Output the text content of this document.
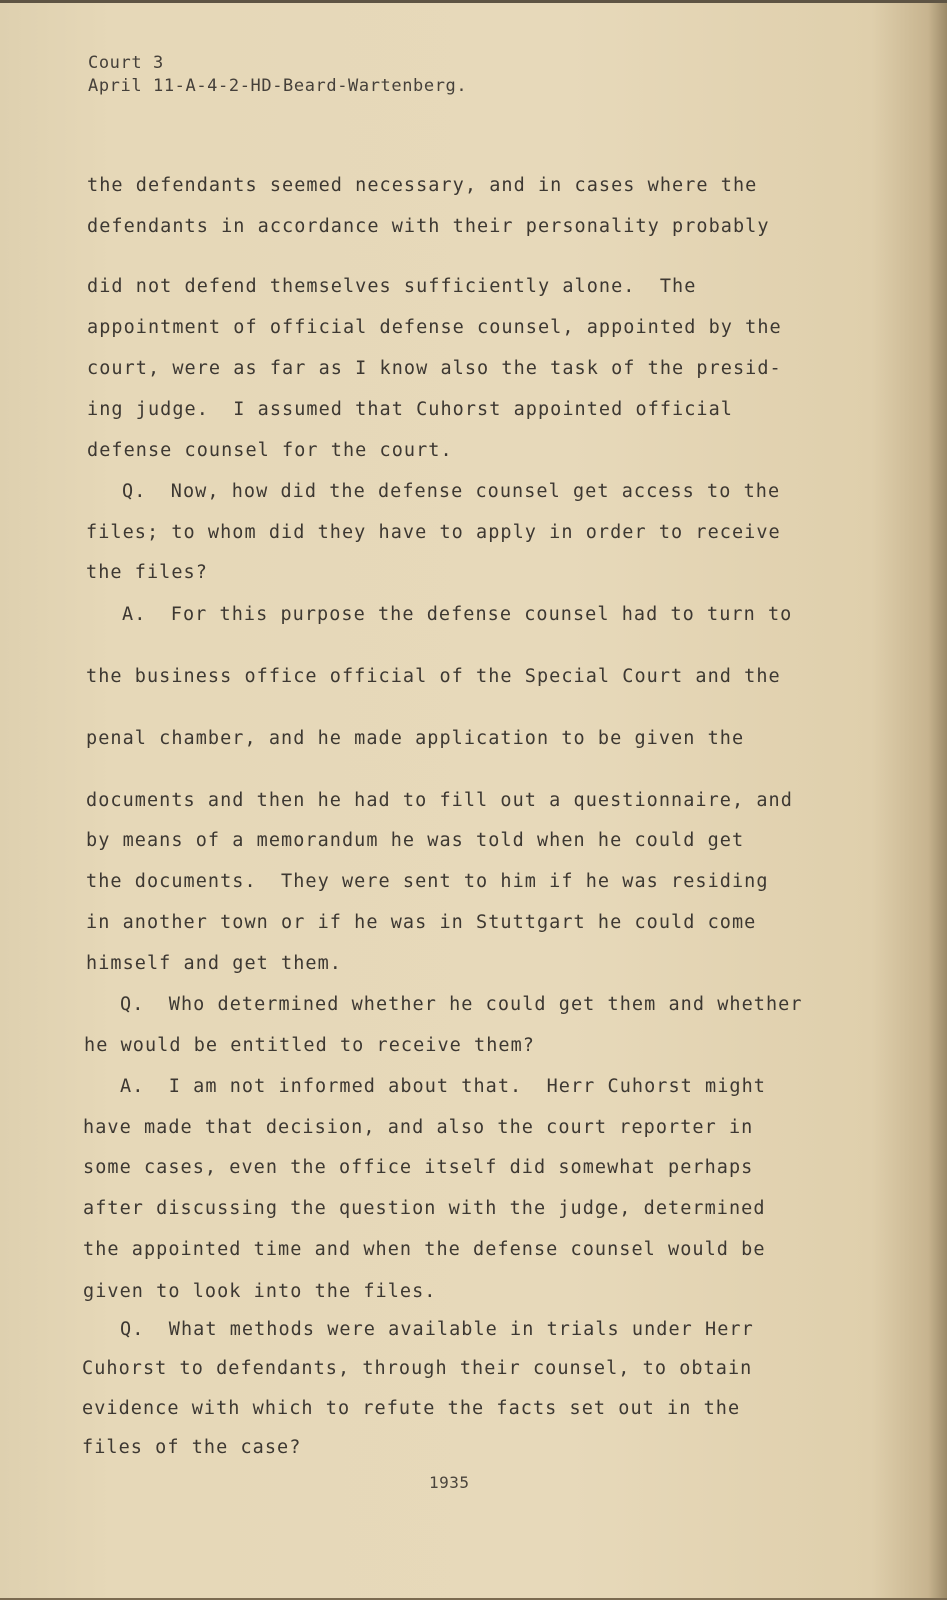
Court 3
April 11-A-4-2-HD-Beard-Wartenberg.
the defendants seemed necessary, and in cases where the
defendants in accordance with their personality probably
did not defend themselves sufficiently alone.  The
appointment of official defense counsel, appointed by the
court, were as far as I know also the task of the presid-
ing judge.  I assumed that Cuhorst appointed official
defense counsel for the court.
Q.  Now, how did the defense counsel get access to the
files; to whom did they have to apply in order to receive
the files?
A.  For this purpose the defense counsel had to turn to
the business office official of the Special Court and the
penal chamber, and he made application to be given the
documents and then he had to fill out a questionnaire, and
by means of a memorandum he was told when he could get
the documents.  They were sent to him if he was residing
in another town or if he was in Stuttgart he could come
himself and get them.
Q.  Who determined whether he could get them and whether
he would be entitled to receive them?
A.  I am not informed about that.  Herr Cuhorst might
have made that decision, and also the court reporter in
some cases, even the office itself did somewhat perhaps
after discussing the question with the judge, determined
the appointed time and when the defense counsel would be
given to look into the files.
Q.  What methods were available in trials under Herr
Cuhorst to defendants, through their counsel, to obtain
evidence with which to refute the facts set out in the
files of the case?
1935
